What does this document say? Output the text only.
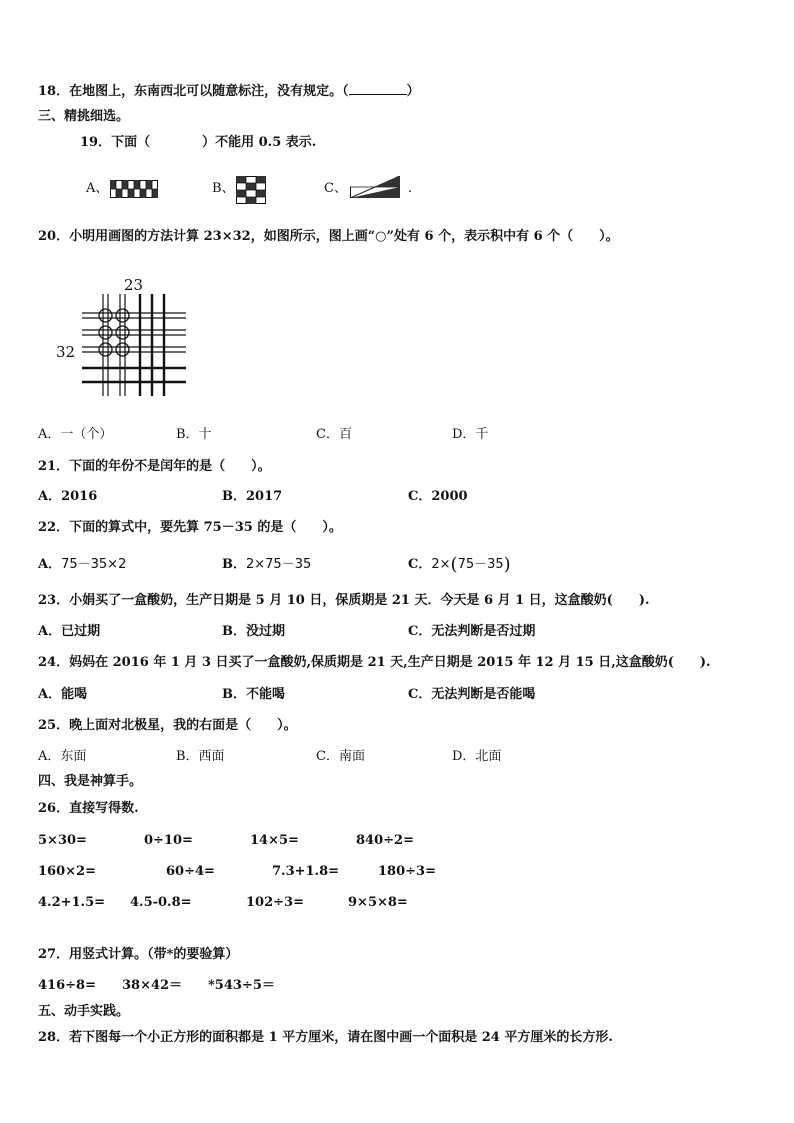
18．在地图上，东南西北可以随意标注，没有规定。（	）
三、精挑细选。
19．下面（　　　　）不能用 0.5 表示.
A、	B、	C、	.
20．小明用画图的方法计算 23×32，如图所示，图上画“○”处有 6 个，表示积中有 6 个（　　）。
23
32
A．一（个）	B．十	C．百	D．千
21．下面的年份不是闰年的是（　　）。
A．2016	B．2017	C．2000
22．下面的算式中，要先算 75－35 的是（　　）。
A．75－35×2	B．2×75－35	C．2×(75－35)
23．小娟买了一盒酸奶，生产日期是 5 月 10 日，保质期是 21 天．今天是 6 月 1 日，这盒酸奶(　　).
A．已过期	B．没过期	C．无法判断是否过期
24．妈妈在 2016 年 1 月 3 日买了一盒酸奶,保质期是 21 天,生产日期是 2015 年 12 月 15 日,这盒酸奶(　　).
A．能喝	B．不能喝	C．无法判断是否能喝
25．晚上面对北极星，我的右面是（　　）。
A．东面	B．西面	C．南面	D．北面
四、我是神算手。
26．直接写得数.
5×30=	0÷10=	14×5=	840÷2=
160×2=	60÷4=	7.3+1.8=	180÷3=
4.2+1.5= 4.5-0.8=	102÷3=	9×5×8=
27．用竖式计算。（带*的要验算）
416÷8= 38×42＝ *543÷5＝
五、动手实践。
28．若下图每一个小正方形的面积都是 1 平方厘米，请在图中画一个面积是 24 平方厘米的长方形.
